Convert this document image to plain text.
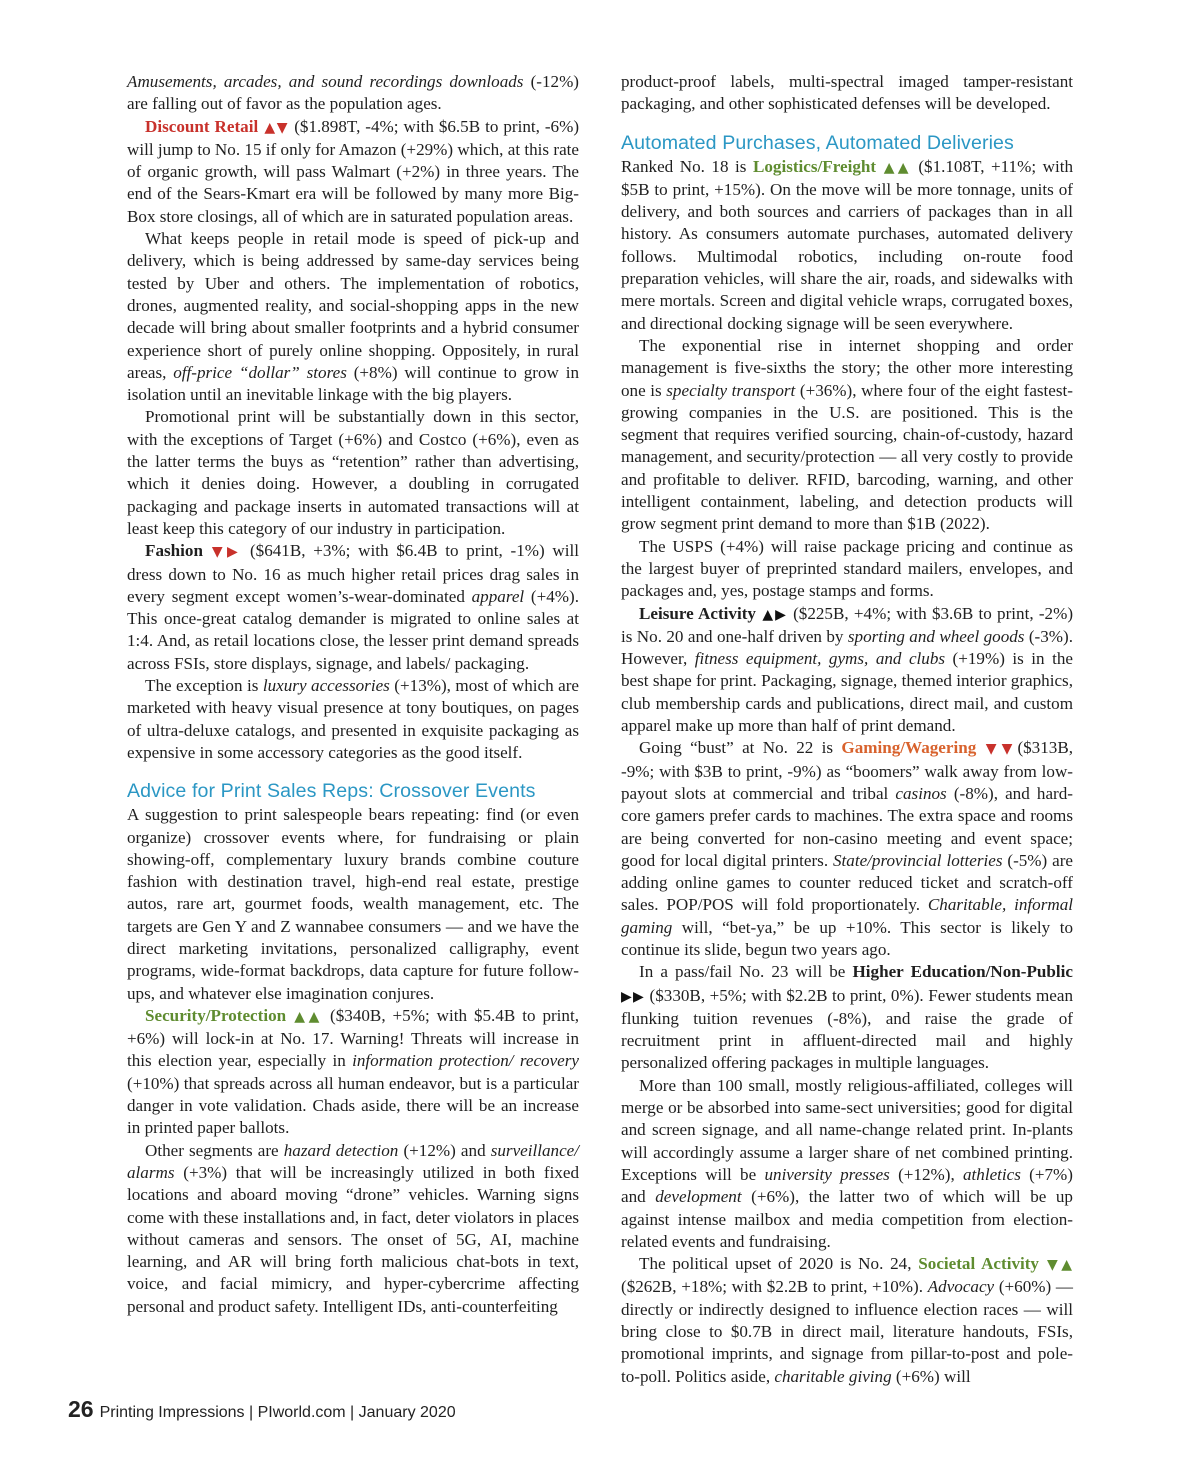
Amusements, arcades, and sound recordings downloads (-12%) are falling out of favor as the population ages.

Discount Retail ▲▼ ($1.898T, -4%; with $6.5B to print, -6%) will jump to No. 15 if only for Amazon (+29%) which, at this rate of organic growth, will pass Walmart (+2%) in three years. The end of the Sears-Kmart era will be followed by many more Big-Box store closings, all of which are in saturated population areas.

What keeps people in retail mode is speed of pick-up and delivery, which is being addressed by same-day services being tested by Uber and others. The implementation of robotics, drones, augmented reality, and social-shopping apps in the new decade will bring about smaller footprints and a hybrid consumer experience short of purely online shopping. Oppositely, in rural areas, off-price “dollar” stores (+8%) will continue to grow in isolation until an inevitable linkage with the big players.

Promotional print will be substantially down in this sector, with the exceptions of Target (+6%) and Costco (+6%), even as the latter terms the buys as “retention” rather than advertising, which it denies doing. However, a doubling in corrugated packaging and package inserts in automated transactions will at least keep this category of our industry in participation.

Fashion ▼▶ ($641B, +3%; with $6.4B to print, -1%) will dress down to No. 16 as much higher retail prices drag sales in every segment except women’s-wear-dominated apparel (+4%). This once-great catalog demander is migrated to online sales at 1:4. And, as retail locations close, the lesser print demand spreads across FSIs, store displays, signage, and labels/ packaging.

The exception is luxury accessories (+13%), most of which are marketed with heavy visual presence at tony boutiques, on pages of ultra-deluxe catalogs, and presented in exquisite packaging as expensive in some accessory categories as the good itself.

Advice for Print Sales Reps: Crossover Events

A suggestion to print salespeople bears repeating: find (or even organize) crossover events where, for fundraising or plain showing-off, complementary luxury brands combine couture fashion with destination travel, high-end real estate, prestige autos, rare art, gourmet foods, wealth management, etc. The targets are Gen Y and Z wannabee consumers — and we have the direct marketing invitations, personalized calligraphy, event programs, wide-format backdrops, data capture for future follow-ups, and whatever else imagination conjures.

Security/Protection ▲▲ ($340B, +5%; with $5.4B to print, +6%) will lock-in at No. 17. Warning! Threats will increase in this election year, especially in information protection/ recovery (+10%) that spreads across all human endeavor, but is a particular danger in vote validation. Chads aside, there will be an increase in printed paper ballots.

Other segments are hazard detection (+12%) and surveillance/ alarms (+3%) that will be increasingly utilized in both fixed locations and aboard moving “drone” vehicles. Warning signs come with these installations and, in fact, deter violators in places without cameras and sensors. The onset of 5G, AI, machine learning, and AR will bring forth malicious chat-bots in text, voice, and facial mimicry, and hyper-cybercrime affecting personal and product safety. Intelligent IDs, anti-counterfeiting

product-proof labels, multi-spectral imaged tamper-resistant packaging, and other sophisticated defenses will be developed.

Automated Purchases, Automated Deliveries

Ranked No. 18 is Logistics/Freight ▲▲ ($1.108T, +11%; with $5B to print, +15%). On the move will be more tonnage, units of delivery, and both sources and carriers of packages than in all history. As consumers automate purchases, automated delivery follows. Multimodal robotics, including on-route food preparation vehicles, will share the air, roads, and sidewalks with mere mortals. Screen and digital vehicle wraps, corrugated boxes, and directional docking signage will be seen everywhere.

The exponential rise in internet shopping and order management is five-sixths the story; the other more interesting one is specialty transport (+36%), where four of the eight fastest-growing companies in the U.S. are positioned. This is the segment that requires verified sourcing, chain-of-custody, hazard management, and security/protection — all very costly to provide and profitable to deliver. RFID, barcoding, warning, and other intelligent containment, labeling, and detection products will grow segment print demand to more than $1B (2022).

The USPS (+4%) will raise package pricing and continue as the largest buyer of preprinted standard mailers, envelopes, and packages and, yes, postage stamps and forms.

Leisure Activity ▲▶ ($225B, +4%; with $3.6B to print, -2%) is No. 20 and one-half driven by sporting and wheel goods (-3%). However, fitness equipment, gyms, and clubs (+19%) is in the best shape for print. Packaging, signage, themed interior graphics, club membership cards and publications, direct mail, and custom apparel make up more than half of print demand.

Going “bust” at No. 22 is Gaming/Wagering ▼▼($313B, -9%; with $3B to print, -9%) as “boomers” walk away from low-payout slots at commercial and tribal casinos (-8%), and hard-core gamers prefer cards to machines. The extra space and rooms are being converted for non-casino meeting and event space; good for local digital printers. State/provincial lotteries (-5%) are adding online games to counter reduced ticket and scratch-off sales. POP/POS will fold proportionately. Charitable, informal gaming will, “bet-ya,” be up +10%. This sector is likely to continue its slide, begun two years ago.

In a pass/fail No. 23 will be Higher Education/Non-Public ▶▶ ($330B, +5%; with $2.2B to print, 0%). Fewer students mean flunking tuition revenues (-8%), and raise the grade of recruitment print in affluent-directed mail and highly personalized offering packages in multiple languages.

More than 100 small, mostly religious-affiliated, colleges will merge or be absorbed into same-sect universities; good for digital and screen signage, and all name-change related print. In-plants will accordingly assume a larger share of net combined printing. Exceptions will be university presses (+12%), athletics (+7%) and development (+6%), the latter two of which will be up against intense mailbox and media competition from election-related events and fundraising.

The political upset of 2020 is No. 24, Societal Activity ▼▲ ($262B, +18%; with $2.2B to print, +10%). Advocacy (+60%) — directly or indirectly designed to influence election races — will bring close to $0.7B in direct mail, literature handouts, FSIs, promotional imprints, and signage from pillar-to-post and pole-to-poll. Politics aside, charitable giving (+6%) will

26 Printing Impressions | PIworld.com | January 2020
